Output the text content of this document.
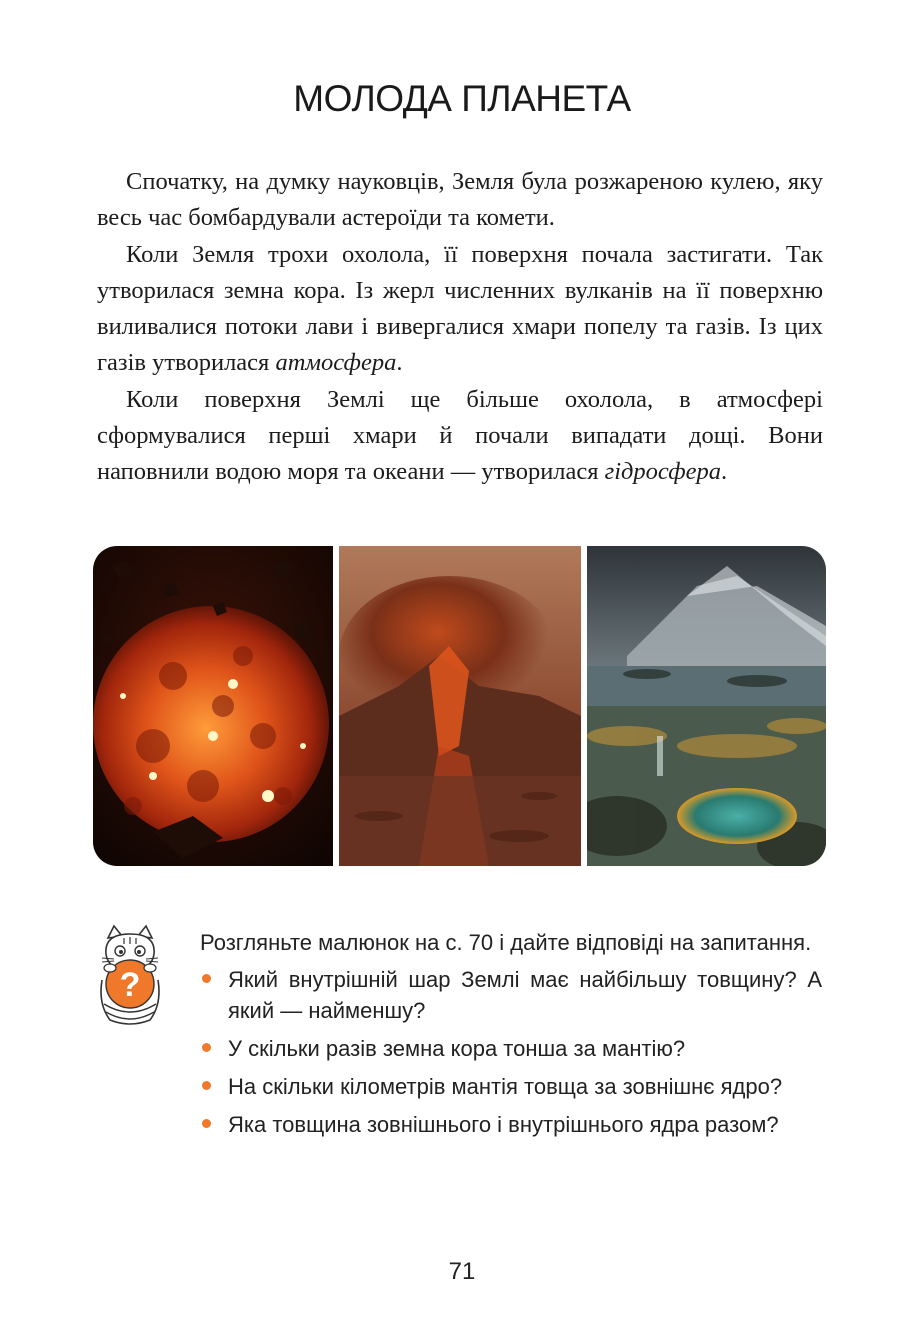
МОЛОДА ПЛАНЕТА

Спочатку, на думку науковців, Земля була розжареною кулею, яку весь час бомбардували астероїди та комети.

Коли Земля трохи охолола, її поверхня почала застигати. Так утворилася земна кора. Із жерл численних вулканів на її поверхню виливалися потоки лави і вивергалися хмари попелу та газів. Із цих газів утворилася атмосфера.

Коли поверхня Землі ще більше охолола, в атмосфері сформувалися перші хмари й почали випадати дощі. Вони наповнили водою моря та океани — утворилася гідросфера.

?
Розгляньте малюнок на с. 70 і дайте відповіді на запитання.
Який внутрішній шар Землі має найбільшу товщину? А який — найменшу?
У скільки разів земна кора тонша за мантію?
На скільки кілометрів мантія товща за зовнішнє ядро?
Яка товщина зовнішнього і внутрішнього ядра разом?
71
